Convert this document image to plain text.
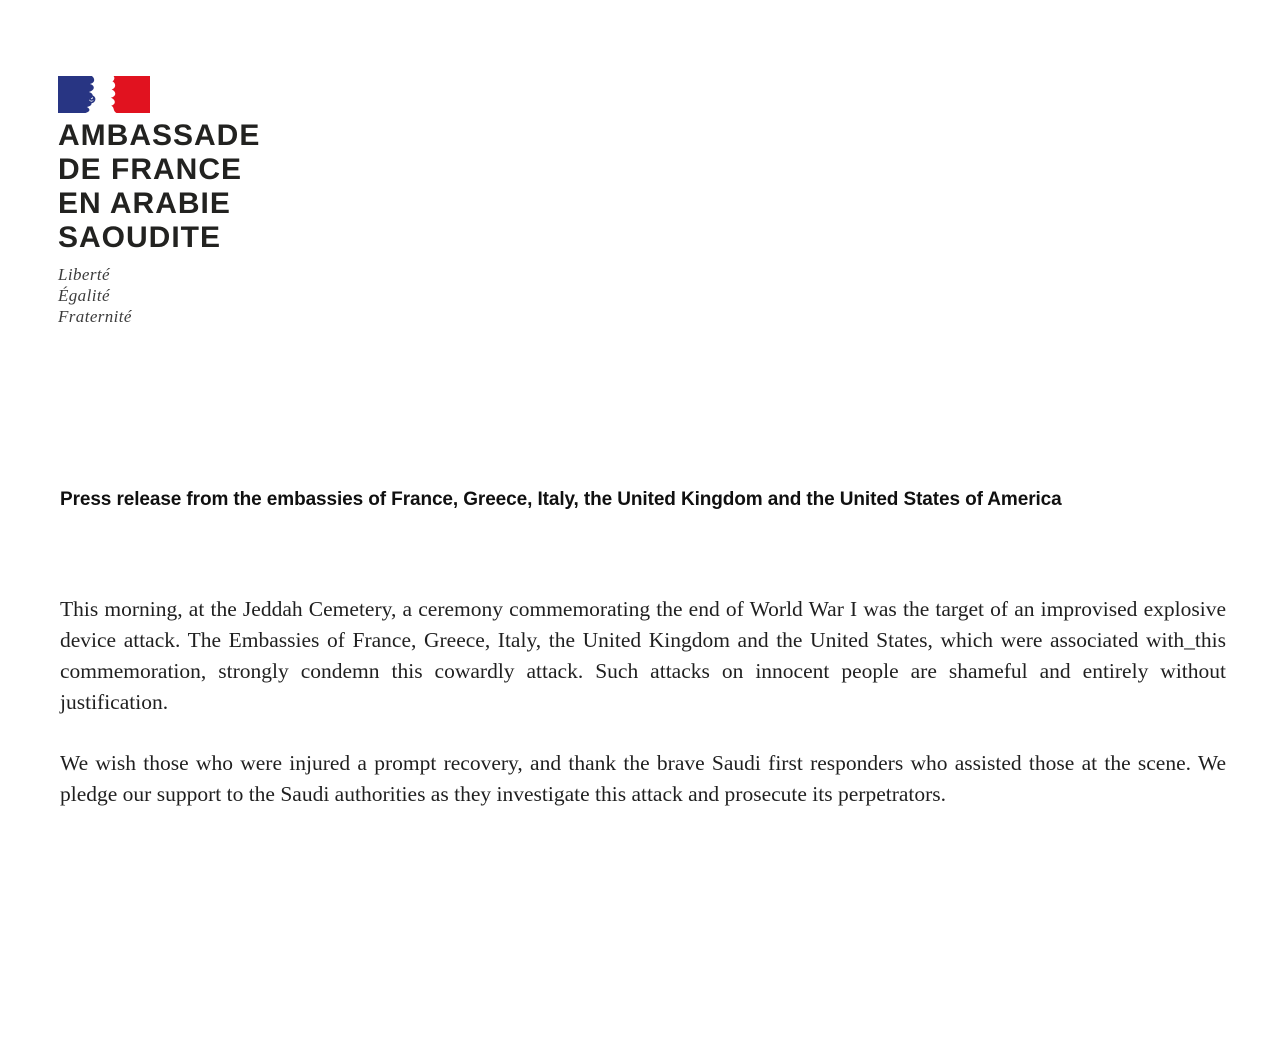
AMBASSADE
DE FRANCE
EN ARABIE
SAOUDITE
Liberté
Égalité
Fraternité
Press release from the embassies of France, Greece, Italy, the United Kingdom and the United States of America

This morning, at the Jeddah Cemetery, a ceremony commemorating the end of World War I was the target of an improvised explosive device attack. The Embassies of France, Greece, Italy, the United Kingdom and the United States, which were associated with_this commemoration, strongly condemn this cowardly attack. Such attacks on innocent people are shameful and entirely without justification.

We wish those who were injured a prompt recovery, and thank the brave Saudi first responders who assisted those at the scene. We pledge our support to the Saudi authorities as they investigate this attack and prosecute its perpetrators.
